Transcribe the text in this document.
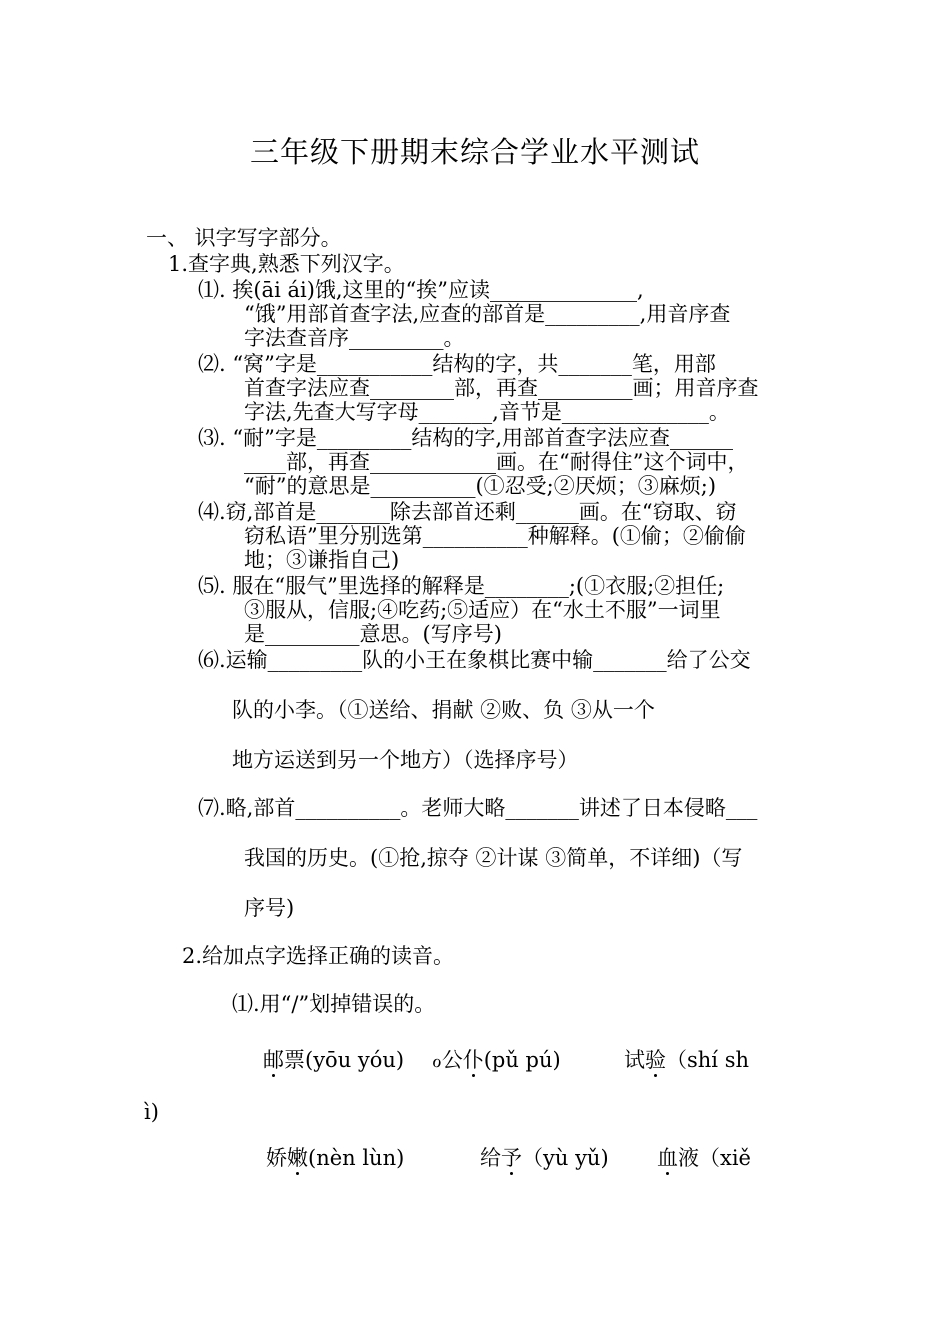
三年级下册期末综合学业水平测试
一、 识字写字部分。
1.查字典,熟悉下列汉字。
⑴. 挨(āi ái)饿,这里的“挨”应读______________,
“饿”用部首查字法,应查的部首是_________,用音序查
字法查音序_________。
⑵. “窝”字是___________结构的字，共_______笔，用部
首查字法应查________部，再查_________画；用音序查
字法,先查大写字母_______,音节是______________。
⑶. “耐”字是_________结构的字,用部首查字法应查______
____部，再查____________画。在“耐得住”这个词中，
“耐”的意思是__________(①忍受;②厌烦；③麻烦;)
⑷.窃,部首是_______除去部首还剩______画。在“窃取、窃
窃私语”里分别选第__________种解释。(①偷；②偷偷
地；③谦指自己)
⑸. 服在“服气”里选择的解释是________;(①衣服;②担任;
③服从，信服;④吃药;⑤适应）在“水土不服”一词里
是_________意思。(写序号)
⑹.运输_________队的小王在象棋比赛中输_______给了公交
队的小李。（①送给、捐献 ②败、负 ③从一个
地方运送到另一个地方）（选择序号）
⑺.略,部首__________。老师大略_______讲述了日本侵略___
我国的历史。(①抢,掠夺 ②计谋 ③简单，不详细)（写
序号)
2.给加点字选择正确的读音。
⑴.用“/”划掉错误的。
邮票(yōu yóu) ℴ公仆(pǔ pú)	试验（shí sh
ì)
娇嫩(nèn lùn)	给予（yù yǔ) 血液（xiě
